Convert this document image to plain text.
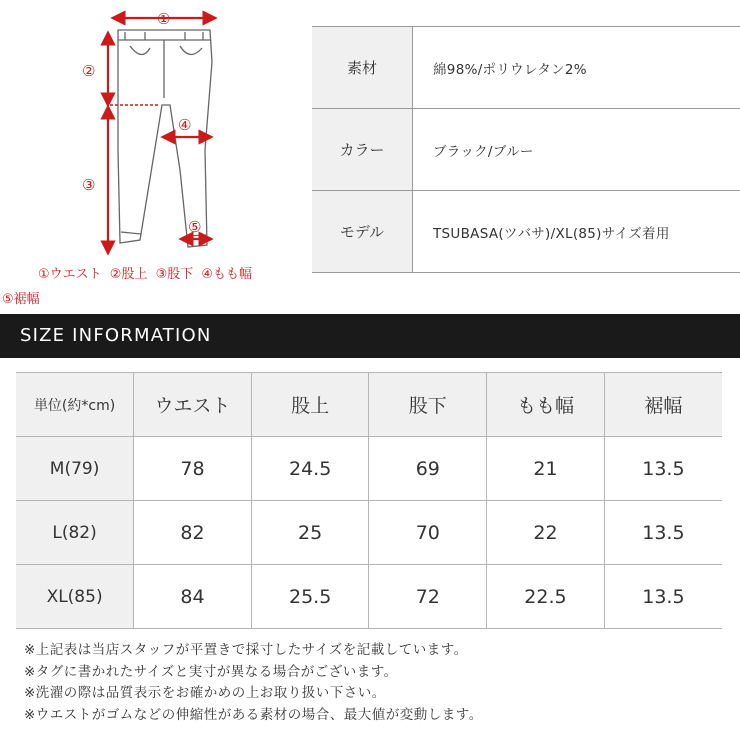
①
②
③
④
⑤
①ウエスト ②股上 ③股下 ④もも幅
⑤裾幅
素材	綿98%/ポリウレタン2%
カラー	ブラック/ブルー
モデル	TSUBASA(ツバサ)/XL(85)サイズ着用
SIZE INFORMATION
単位(約*cm)	ウエスト	股上	股下	もも幅	裾幅
M(79)	78	24.5	69	21	13.5
L(82)	82	25	70	22	13.5
XL(85)	84	25.5	72	22.5	13.5
※上記表は当店スタッフが平置きで採寸したサイズを記載しています。
※タグに書かれたサイズと実寸が異なる場合がございます。
※洗濯の際は品質表示をお確かめの上お取り扱い下さい。
※ウエストがゴムなどの伸縮性がある素材の場合、最大値が変動します。
